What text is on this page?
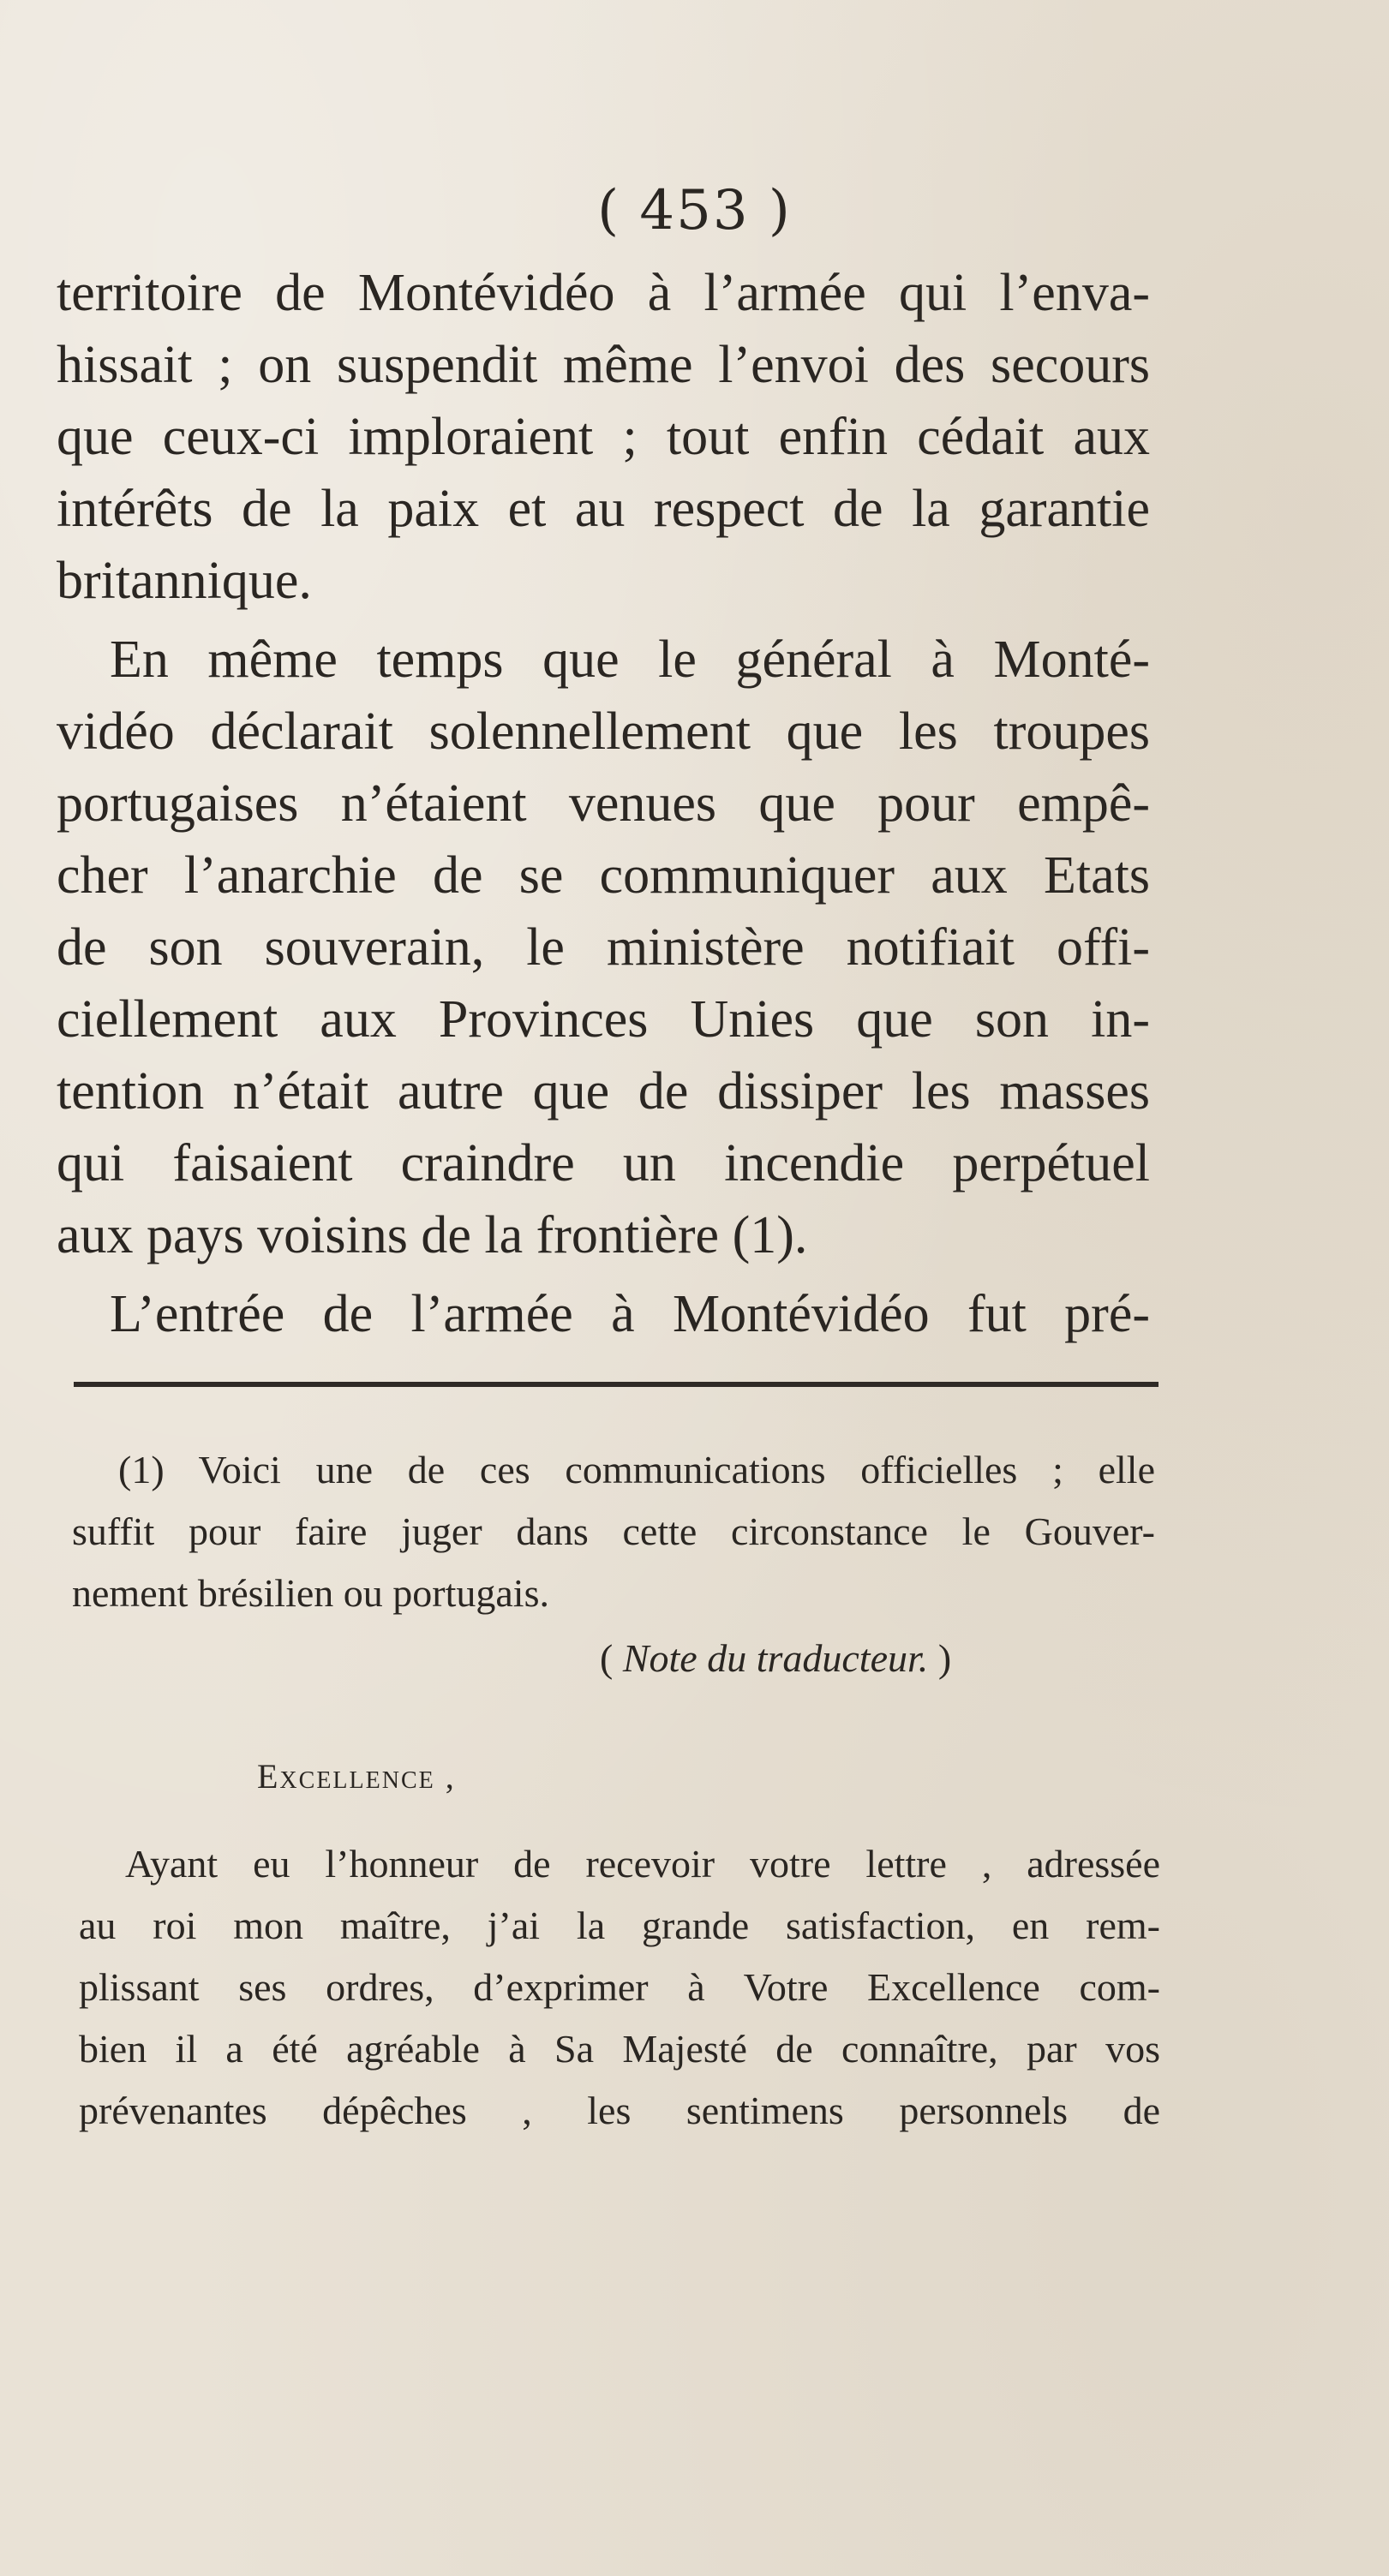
( 453 )
territoire de Montévidéo à l’armée qui l’enva-
hissait ; on suspendit même l’envoi des secours
que ceux-ci imploraient ; tout enfin cédait aux
intérêts de la paix et au respect de la garantie
britannique.
En même temps que le général à Monté-
vidéo déclarait solennellement que les troupes
portugaises n’étaient venues que pour empê-
cher l’anarchie de se communiquer aux Etats
de son souverain, le ministère notifiait offi-
ciellement aux Provinces Unies que son in-
tention n’était autre que de dissiper les masses
qui faisaient craindre un incendie perpétuel
aux pays voisins de la frontière (1).
L’entrée de l’armée à Montévidéo fut pré-
(1) Voici une de ces communications officielles ; elle
suffit pour faire juger dans cette circonstance le Gouver-
nement brésilien ou portugais.
( Note du traducteur. )
Excellence ,
Ayant eu l’honneur de recevoir votre lettre , adressée
au roi mon maître, j’ai la grande satisfaction, en rem-
plissant ses ordres, d’exprimer à Votre Excellence com-
bien il a été agréable à Sa Majesté de connaître, par vos
prévenantes dépêches , les sentimens personnels de
